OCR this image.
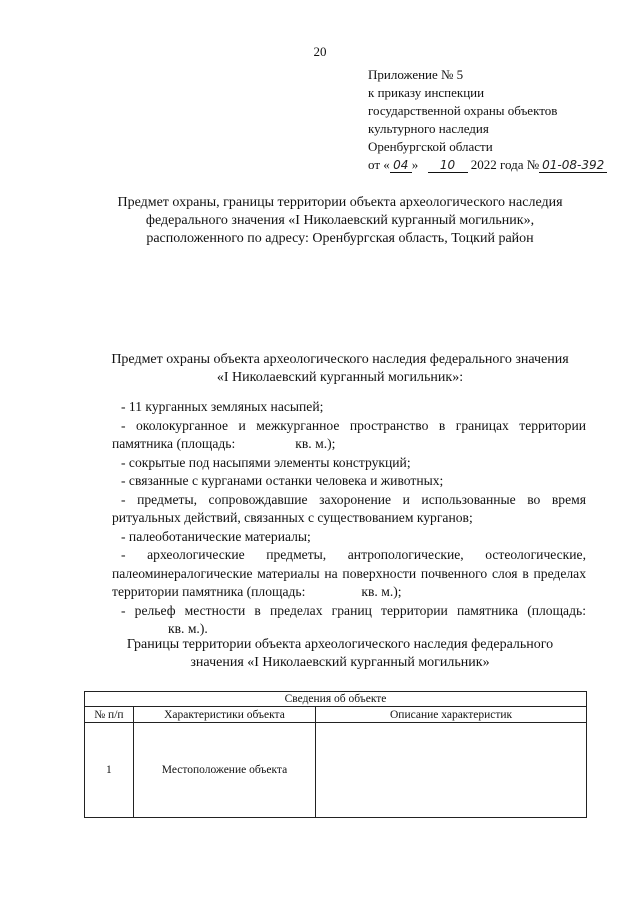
20
Приложение № 5
к приказу инспекции
государственной охраны объектов
культурного наследия
Оренбургской области
от « 04 » 10 2022 года № 01-08-392
Предмет охраны, границы территории объекта археологического наследия
федерального значения «I Николаевский курганный могильник»,
расположенного по адресу: Оренбургская область, Тоцкий район
Предмет охраны объекта археологического наследия федерального значения
«I Николаевский курганный могильник»:

- 11 курганных земляных насыпей;

- околокурганное и межкурганное пространство в границах территории памятника (площадь:	кв. м.);

- сокрытые под насыпями элементы конструкций;

- связанные с курганами останки человека и животных;

- предметы, сопровождавшие захоронение и использованные во время ритуальных действий, связанных с существованием курганов;

- палеоботанические материалы;

- археологические предметы, антропологические, остеологические, палеоминералогические материалы на поверхности почвенного слоя в пределах территории памятника (площадь:	кв. м.);

- рельеф местности в пределах границ территории памятника (площадь:кв. м.).

Границы территории объекта археологического наследия федерального
значения «I Николаевский курганный могильник»
Сведения об объекте		
№ п/п	Характеристики объекта	Описание характеристик
1	Местоположение объекта	
